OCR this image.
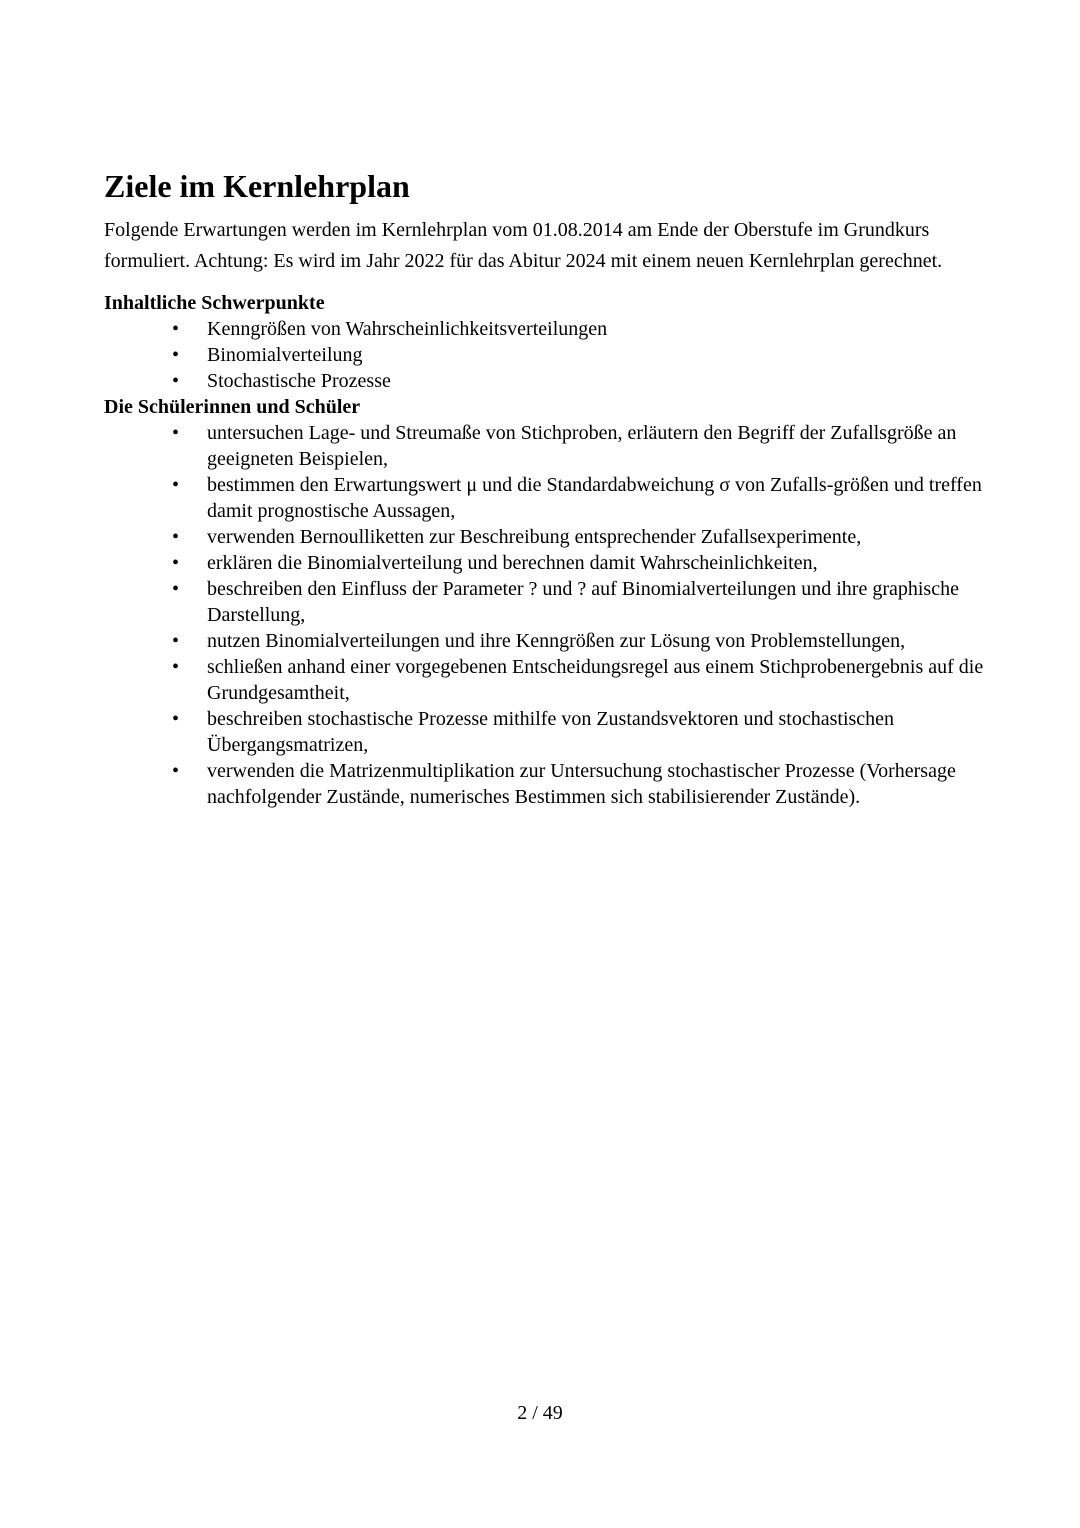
Ziele im Kernlehrplan

Folgende Erwartungen werden im Kernlehrplan vom 01.08.2014 am Ende der Oberstufe im Grundkurs formuliert. Achtung: Es wird im Jahr 2022 für das Abitur 2024 mit einem neuen Kernlehrplan gerechnet.

Inhaltliche Schwerpunkte

• Kenngrößen von Wahrscheinlichkeitsverteilungen
• Binomialverteilung
• Stochastische Prozesse

Die Schülerinnen und Schüler

• untersuchen Lage- und Streumaße von Stichproben, erläutern den Begriff der Zufallsgröße an geeigneten Beispielen,
• bestimmen den Erwartungswert μ und die Standardabweichung σ von Zufalls-größen und treffen damit prognostische Aussagen,
• verwenden Bernoulliketten zur Beschreibung entsprechender Zufallsexperimente,
• erklären die Binomialverteilung und berechnen damit Wahrscheinlichkeiten,
• beschreiben den Einfluss der Parameter ? und ? auf Binomialverteilungen und ihre graphische Darstellung,
• nutzen Binomialverteilungen und ihre Kenngrößen zur Lösung von Problemstellungen,
• schließen anhand einer vorgegebenen Entscheidungsregel aus einem Stichprobenergebnis auf die Grundgesamtheit,
• beschreiben stochastische Prozesse mithilfe von Zustandsvektoren und stochastischen Übergangsmatrizen,
• verwenden die Matrizenmultiplikation zur Untersuchung stochastischer Prozesse (Vorhersage nachfolgender Zustände, numerisches Bestimmen sich stabilisierender Zustände).
2 / 49
